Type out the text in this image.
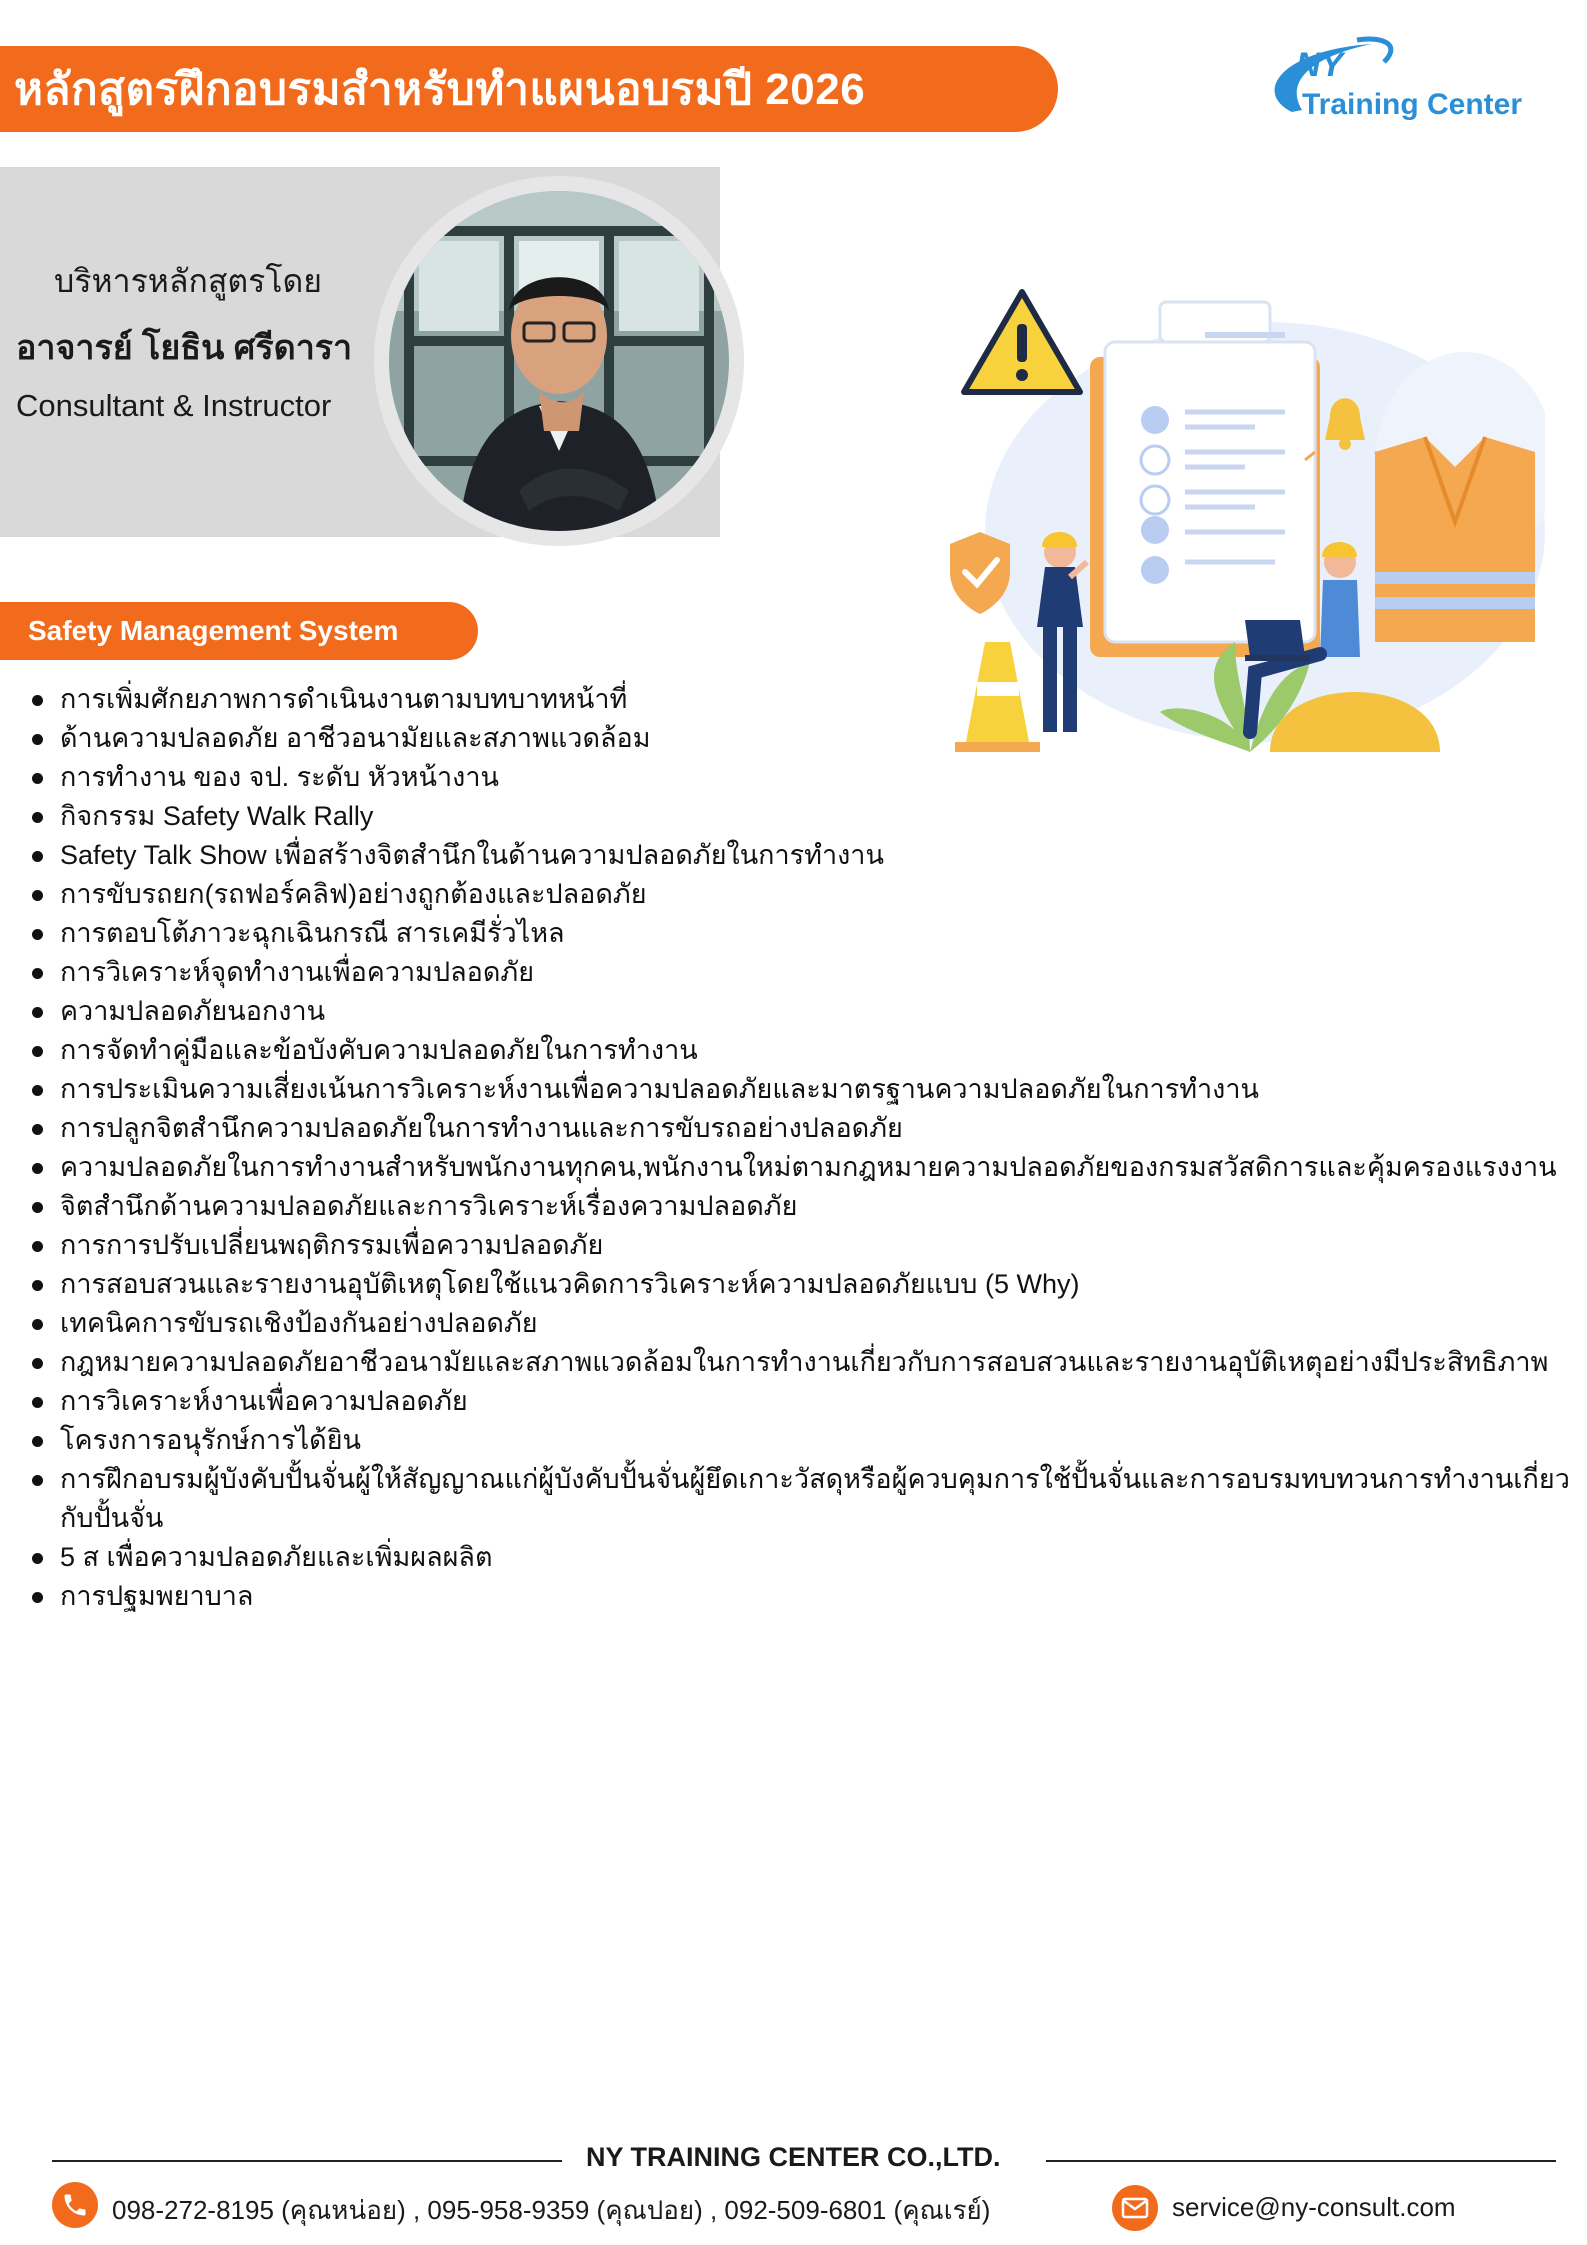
หลักสูตรฝึกอบรมสำหรับทำแผนอบรมปี 2026	NY
Training Center
บริหารหลักสูตรโดย
อาจารย์ โยธิน ศรีดารา
Consultant & Instructor
Safety Management System
การเพิ่มศักยภาพการดำเนินงานตามบทบาทหน้าที่
ด้านความปลอดภัย อาชีวอนามัยและสภาพแวดล้อม
การทำงาน ของ จป. ระดับ หัวหน้างาน
กิจกรรม Safety Walk Rally
Safety Talk Show เพื่อสร้างจิตสำนึกในด้านความปลอดภัยในการทำงาน
การขับรถยก(รถฟอร์คลิฟ)อย่างถูกต้องและปลอดภัย
การตอบโต้ภาวะฉุกเฉินกรณี สารเคมีรั่วไหล
การวิเคราะห์จุดทำงานเพื่อความปลอดภัย
ความปลอดภัยนอกงาน
การจัดทำคู่มือและข้อบังคับความปลอดภัยในการทำงาน
การประเมินความเสี่ยงเน้นการวิเคราะห์งานเพื่อความปลอดภัยและมาตรฐานความปลอดภัยในการทำงาน
การปลูกจิตสำนึกความปลอดภัยในการทำงานและการขับรถอย่างปลอดภัย
ความปลอดภัยในการทำงานสำหรับพนักงานทุกคน,พนักงานใหม่ตามกฎหมายความปลอดภัยของกรมสวัสดิการและคุ้มครองแรงงาน
จิตสำนึกด้านความปลอดภัยและการวิเคราะห์เรื่องความปลอดภัย
การการปรับเปลี่ยนพฤติกรรมเพื่อความปลอดภัย
การสอบสวนและรายงานอุบัติเหตุโดยใช้แนวคิดการวิเคราะห์ความปลอดภัยแบบ (5 Why)
เทคนิคการขับรถเชิงป้องกันอย่างปลอดภัย
กฎหมายความปลอดภัยอาชีวอนามัยและสภาพแวดล้อมในการทำงานเกี่ยวกับการสอบสวนและรายงานอุบัติเหตุอย่างมีประสิทธิภาพ
การวิเคราะห์งานเพื่อความปลอดภัย
โครงการอนุรักษ์การได้ยิน
การฝึกอบรมผู้บังคับปั้นจั่นผู้ให้สัญญาณแก่ผู้บังคับปั้นจั่นผู้ยึดเกาะวัสดุหรือผู้ควบคุมการใช้ปั้นจั่นและการอบรมทบทวนการทำงานเกี่ยวกับปั้นจั่น
5 ส เพื่อความปลอดภัยและเพิ่มผลผลิต
การปฐมพยาบาล
NY TRAINING CENTER CO.,LTD.
098-272-8195 (คุณหน่อย) , 095-958-9359 (คุณปอย) , 092-509-6801 (คุณเรย์)	service@ny-consult.com
